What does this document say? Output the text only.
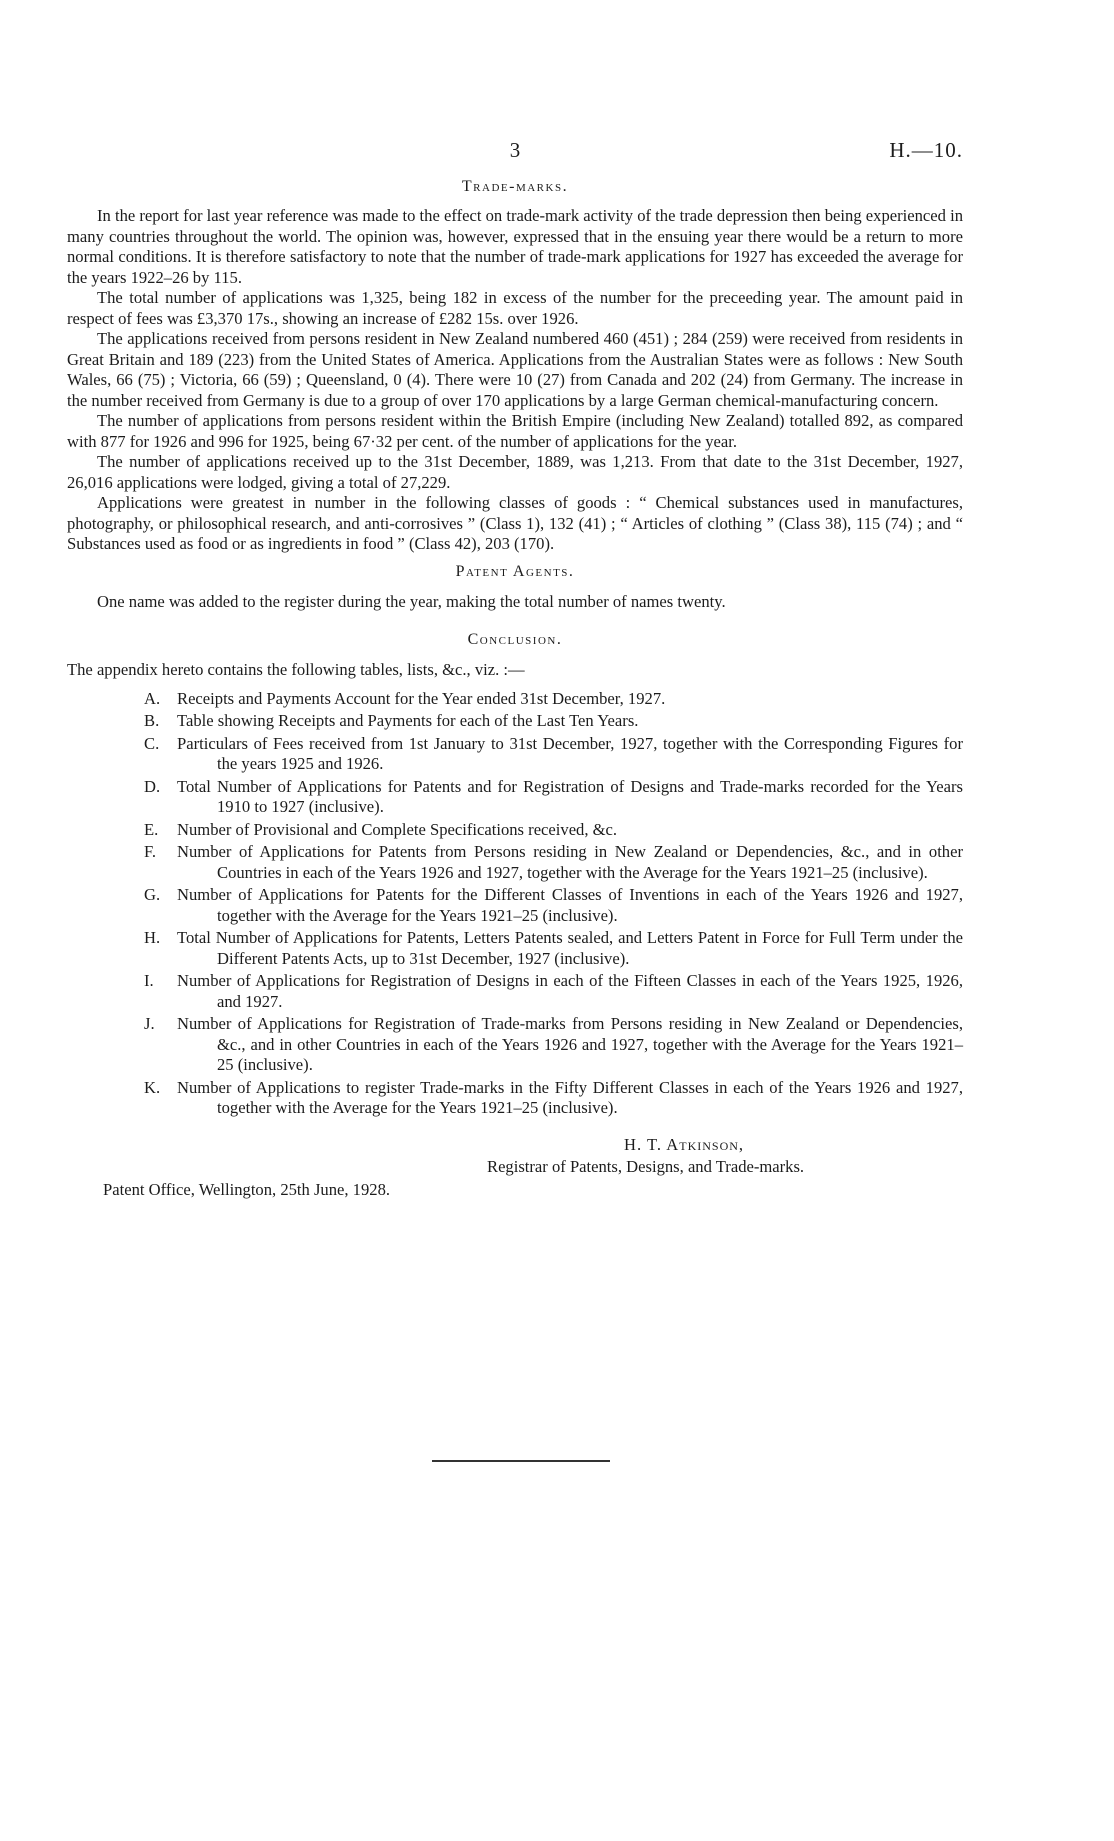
3	H.—10.
Trade-marks.

In the report for last year reference was made to the effect on trade-mark activity of the trade depression then being experienced in many countries throughout the world. The opinion was, however, expressed that in the ensuing year there would be a return to more normal conditions. It is therefore satisfactory to note that the number of trade-mark applications for 1927 has exceeded the average for the years 1922–26 by 115.

The total number of applications was 1,325, being 182 in excess of the number for the preceeding year. The amount paid in respect of fees was £3,370 17s., showing an increase of £282 15s. over 1926.

The applications received from persons resident in New Zealand numbered 460 (451) ; 284 (259) were received from residents in Great Britain and 189 (223) from the United States of America. Applications from the Australian States were as follows : New South Wales, 66 (75) ; Victoria, 66 (59) ; Queensland, 0 (4). There were 10 (27) from Canada and 202 (24) from Germany. The increase in the number received from Germany is due to a group of over 170 applications by a large German chemical-manufacturing concern.

The number of applications from persons resident within the British Empire (including New Zealand) totalled 892, as compared with 877 for 1926 and 996 for 1925, being 67·32 per cent. of the number of applications for the year.

The number of applications received up to the 31st December, 1889, was 1,213. From that date to the 31st December, 1927, 26,016 applications were lodged, giving a total of 27,229.

Applications were greatest in number in the following classes of goods : “ Chemical substances used in manufactures, photography, or philosophical research, and anti-corrosives ” (Class 1), 132 (41) ; “ Articles of clothing ” (Class 38), 115 (74) ; and “ Substances used as food or as ingredients in food ” (Class 42), 203 (170).

Patent Agents.

One name was added to the register during the year, making the total number of names twenty.

Conclusion.

The appendix hereto contains the following tables, lists, &c., viz. :—

A.	Receipts and Payments Account for the Year ended 31st December, 1927.
B.	Table showing Receipts and Payments for each of the Last Ten Years.
C.	Particulars of Fees received from 1st January to 31st December, 1927, together with the Corresponding Figures for the years 1925 and 1926.
D.	Total Number of Applications for Patents and for Registration of Designs and Trade-marks recorded for the Years 1910 to 1927 (inclusive).
E.	Number of Provisional and Complete Specifications received, &c.
F.	Number of Applications for Patents from Persons residing in New Zealand or Dependencies, &c., and in other Countries in each of the Years 1926 and 1927, together with the Average for the Years 1921–25 (inclusive).
G.	Number of Applications for Patents for the Different Classes of Inventions in each of the Years 1926 and 1927, together with the Average for the Years 1921–25 (inclusive).
H.	Total Number of Applications for Patents, Letters Patents sealed, and Letters Patent in Force for Full Term under the Different Patents Acts, up to 31st December, 1927 (inclusive).
I.	Number of Applications for Registration of Designs in each of the Fifteen Classes in each of the Years 1925, 1926, and 1927.
J.	Number of Applications for Registration of Trade-marks from Persons residing in New Zealand or Dependencies, &c., and in other Countries in each of the Years 1926 and 1927, together with the Average for the Years 1921–25 (inclusive).
K.	Number of Applications to register Trade-marks in the Fifty Different Classes in each of the Years 1926 and 1927, together with the Average for the Years 1921–25 (inclusive).
H. T. Atkinson,
Registrar of Patents, Designs, and Trade-marks.
Patent Office, Wellington, 25th June, 1928.
